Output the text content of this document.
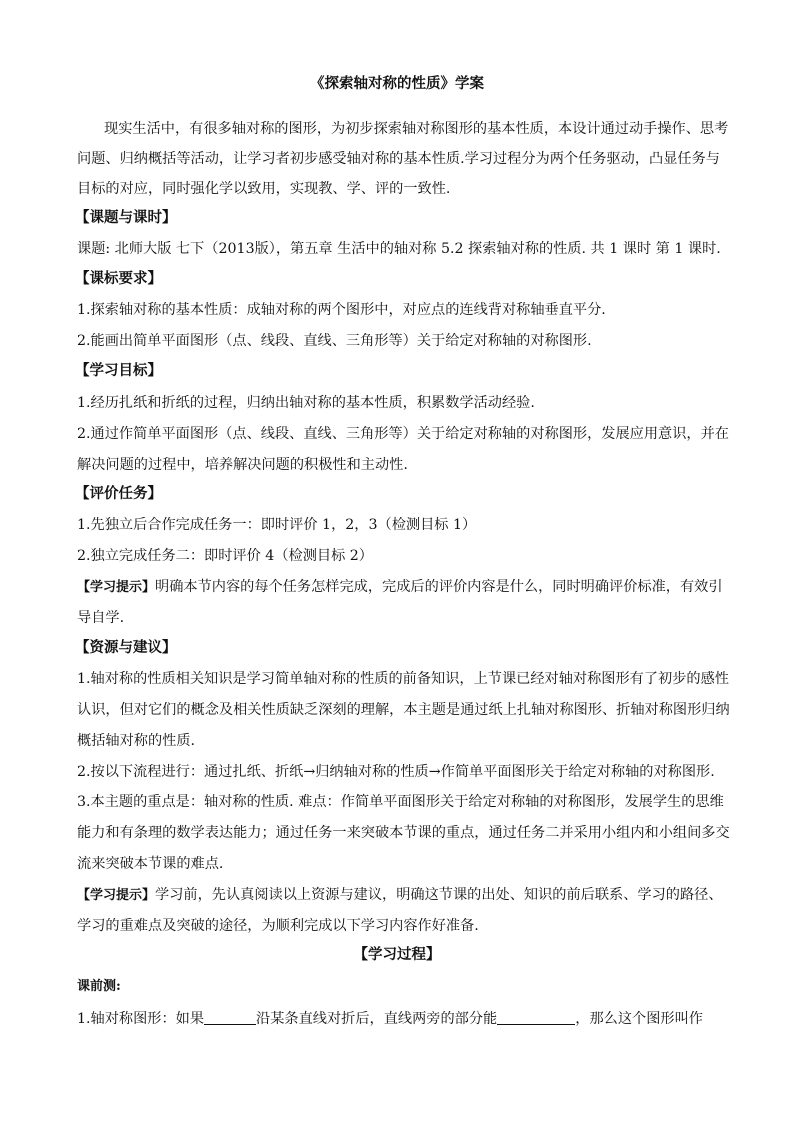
《探索轴对称的性质》学案
现实生活中，有很多轴对称的图形，为初步探索轴对称图形的基本性质，本设计通过动手操作、思考
问题、归纳概括等活动，让学习者初步感受轴对称的基本性质.学习过程分为两个任务驱动，凸显任务与
目标的对应，同时强化学以致用，实现教、学、评的一致性.
【课题与课时】
课题: 北师大版 七下（2013版），第五章 生活中的轴对称 5.2 探索轴对称的性质. 共 1 课时 第 1 课时.
【课标要求】
1.探索轴对称的基本性质：成轴对称的两个图形中，对应点的连线背对称轴垂直平分.
2.能画出简单平面图形（点、线段、直线、三角形等）关于给定对称轴的对称图形.
【学习目标】
1.经历扎纸和折纸的过程，归纳出轴对称的基本性质，积累数学活动经验.
2.通过作简单平面图形（点、线段、直线、三角形等）关于给定对称轴的对称图形，发展应用意识，并在
解决问题的过程中，培养解决问题的积极性和主动性.
【评价任务】
1.先独立后合作完成任务一：即时评价 1，2，3（检测目标 1）
2.独立完成任务二：即时评价 4（检测目标 2）
【学习提示】明确本节内容的每个任务怎样完成，完成后的评价内容是什么，同时明确评价标准，有效引
导自学.
【资源与建议】
1.轴对称的性质相关知识是学习简单轴对称的性质的前备知识，上节课已经对轴对称图形有了初步的感性
认识，但对它们的概念及相关性质缺乏深刻的理解，本主题是通过纸上扎轴对称图形、折轴对称图形归纳
概括轴对称的性质.
2.按以下流程进行：通过扎纸、折纸→归纳轴对称的性质→作简单平面图形关于给定对称轴的对称图形.
3.本主题的重点是：轴对称的性质. 难点：作简单平面图形关于给定对称轴的对称图形，发展学生的思维
能力和有条理的数学表达能力；通过任务一来突破本节课的重点，通过任务二并采用小组内和小组间多交
流来突破本节课的难点.
【学习提示】学习前，先认真阅读以上资源与建议，明确这节课的出处、知识的前后联系、学习的路径、
学习的重难点及突破的途径，为顺利完成以下学习内容作好准备.
【学习过程】
课前测:
1.轴对称图形：如果	沿某条直线对折后，直线两旁的部分能	，那么这个图形叫作
